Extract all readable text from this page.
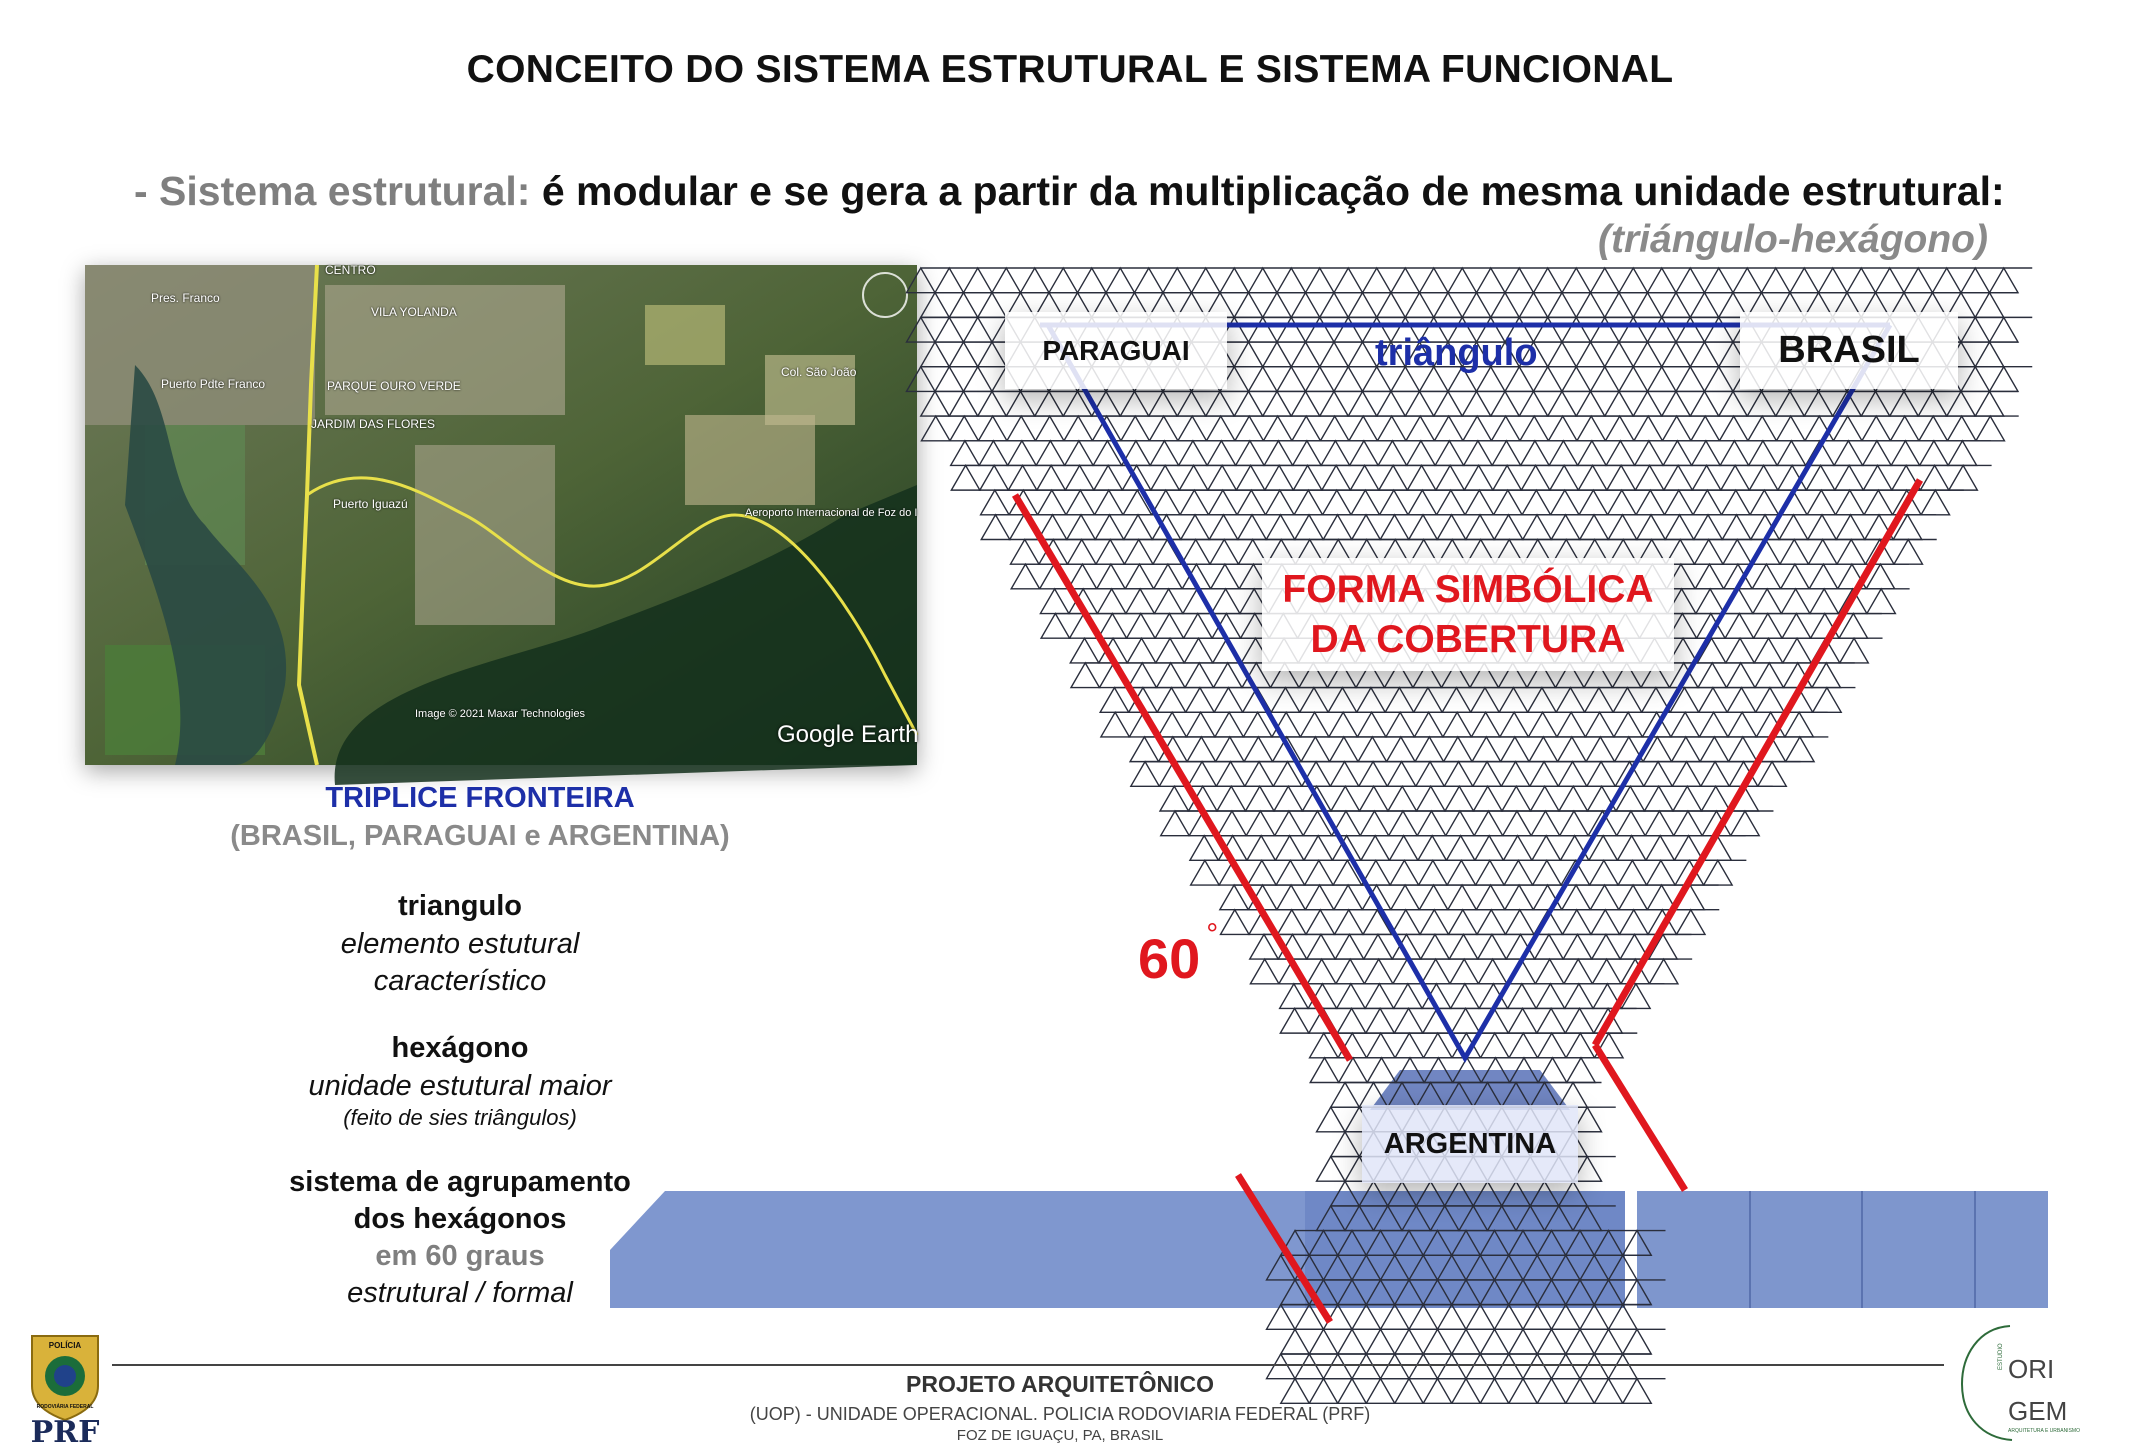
CONCEITO DO SISTEMA ESTRUTURAL E SISTEMA FUNCIONAL
- Sistema estrutural: é modular e se gera a partir da multiplicação de mesma unidade estrutural:
(triángulo-hexágono)
CENTRO
Pres. Franco
VILA YOLANDA
Puerto Pdte Franco	PARQUE OURO VERDE
JARDIM DAS FLORES
Col. São João
Puerto Iguazú
Aeroporto Internacional de Foz do I
Image © 2021 Maxar Technologies
Google Earth
TRIPLICE FRONTEIRA
(BRASIL, PARAGUAI e ARGENTINA)
triangulo
elemento estutural
característico
hexágono
unidade estutural maior
(feito de sies triângulos)
sistema de agrupamento
dos hexágonos
em 60 graus
estrutural / formal
PARAGUAI	BRASIL
triângulo
FORMA SIMBÓLICA
DA COBERTURA
ARGENTINA
60 °
PROJETO ARQUITETÔNICO
(UOP) - UNIDADE OPERACIONAL. POLICIA RODOVIARIA FEDERAL (PRF)
FOZ DE IGUAÇU, PA, BRASIL
POLÍCIA
RODOVIÁRIA FEDERAL
PRF
ESTUDIO ORI
GEM
ARQUITETURA E URBANISMO
